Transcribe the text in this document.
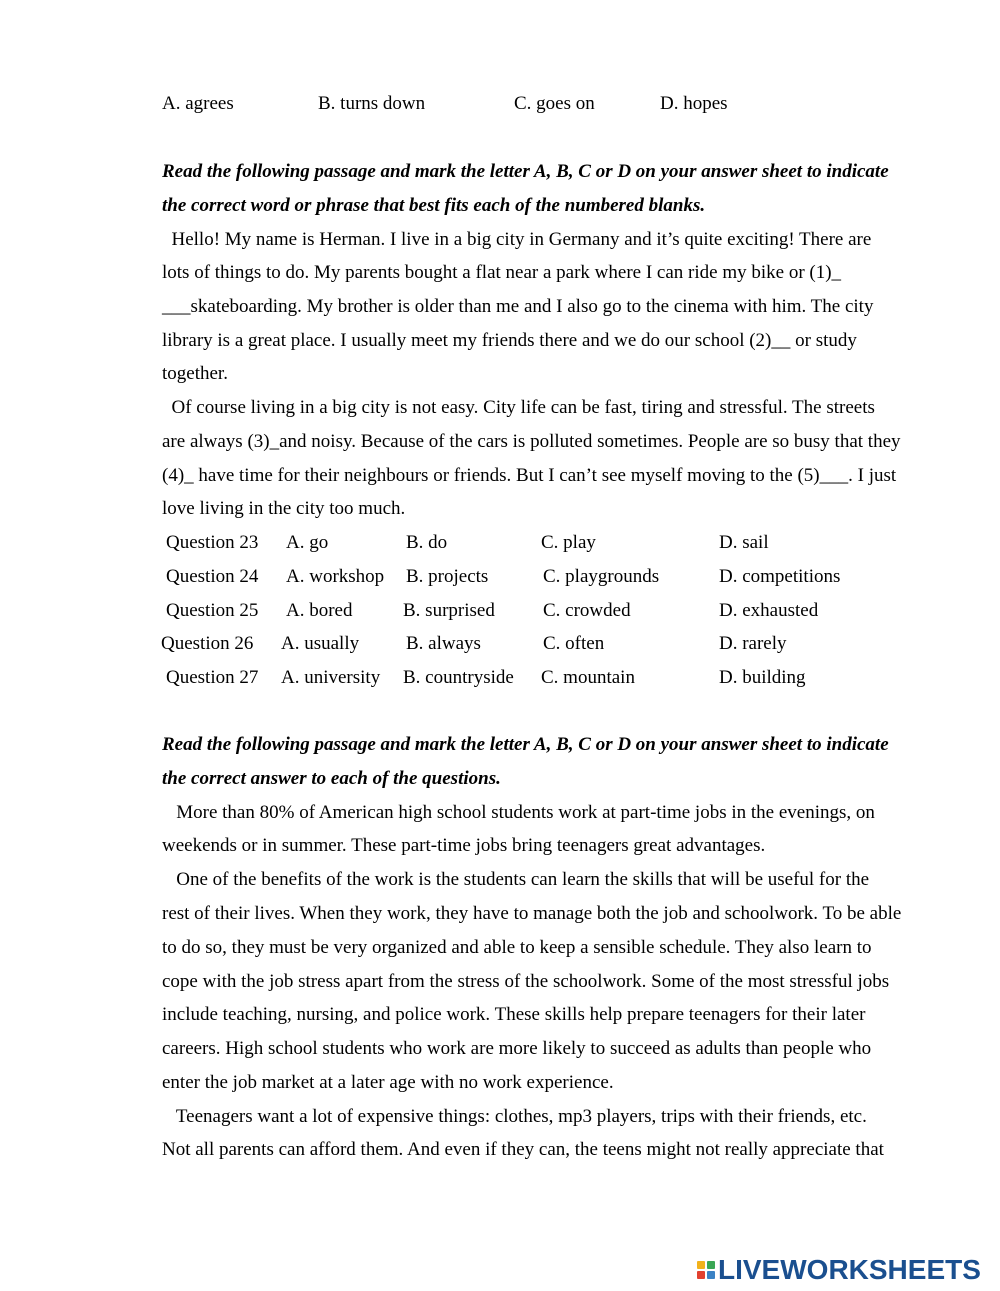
A. agrees	B. turns down	C. goes on	D. hopes
Read the following passage and mark the letter A, B, C or D on your answer sheet to indicate
the correct word or phrase that best fits each of the numbered blanks.
Hello! My name is Herman. I live in a big city in Germany and it’s quite exciting! There are
lots of things to do. My parents bought a flat near a park where I can ride my bike or (1)_
___skateboarding. My brother is older than me and I also go to the cinema with him. The city
library is a great place. I usually meet my friends there and we do our school (2)__ or study
together.
Of course living in a big city is not easy. City life can be fast, tiring and stressful. The streets
are always (3)_and noisy. Because of the cars is polluted sometimes. People are so busy that they
(4)_ have time for their neighbours or friends. But I can’t see myself moving to the (5)___. I just
love living in the city too much.
Question 23 A. go	B. do	C. play	D. sail
Question 24 A. workshop B. projects	C. playgrounds	D. competitions
Question 25 A. bored	B. surprised	C. crowded	D. exhausted
Question 26 A. usually B. always	C. often	D. rarely
Question 27 A. university B. countryside C. mountain	D. building
Read the following passage and mark the letter A, B, C or D on your answer sheet to indicate
the correct answer to each of the questions.
More than 80% of American high school students work at part-time jobs in the evenings, on
weekends or in summer. These part-time jobs bring teenagers great advantages.
One of the benefits of the work is the students can learn the skills that will be useful for the
rest of their lives. When they work, they have to manage both the job and schoolwork. To be able
to do so, they must be very organized and able to keep a sensible schedule. They also learn to
cope with the job stress apart from the stress of the schoolwork. Some of the most stressful jobs
include teaching, nursing, and police work. These skills help prepare teenagers for their later
careers. High school students who work are more likely to succeed as adults than people who
enter the job market at a later age with no work experience.
Teenagers want a lot of expensive things: clothes, mp3 players, trips with their friends, etc.
Not all parents can afford them. And even if they can, the teens might not really appreciate that
LIVEWORKSHEETS
